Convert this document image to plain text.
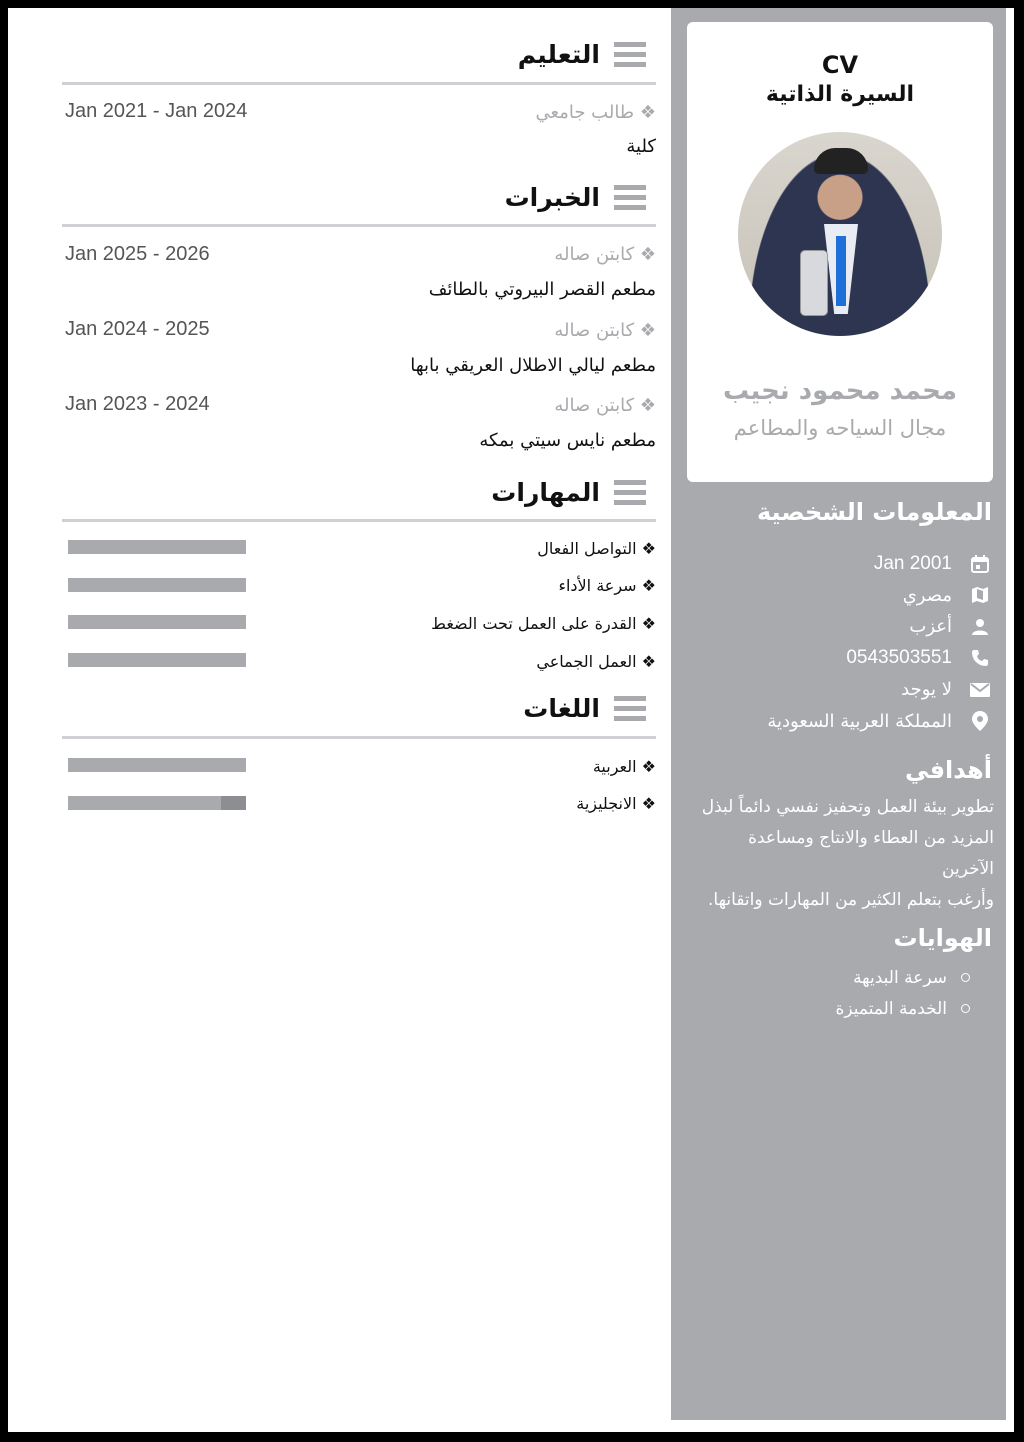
التعليم
❖ طالب جامعي
Jan 2021 - Jan 2024
كلية
الخبرات
❖ كابتن صاله
Jan 2025 - 2026
مطعم القصر البيروتي بالطائف
❖ كابتن صاله
Jan 2024 - 2025
مطعم ليالي الاطلال العريقي بابها
❖ كابتن صاله
Jan 2023 - 2024
مطعم نايس سيتي بمكه
المهارات
❖ التواصل الفعال
❖ سرعة الأداء
❖ القدرة على العمل تحت الضغط
❖ العمل الجماعي
اللغات
❖ العربية
❖ الانجليزية
CV
السيرة الذاتية
محمد محمود نجيب
مجال السياحه والمطاعم
المعلومات الشخصية
Jan 2001
مصري
أعزب
0543503551
لا يوجد
المملكة العربية السعودية
أهدافي
تطوير بيئة العمل وتحفيز نفسي دائماً لبذل
المزيد من العطاء والانتاج ومساعدة الآخرين
وأرغب بتعلم الكثير من المهارات واتقانها.
الهوايات
سرعة البديهة
الخدمة المتميزة
